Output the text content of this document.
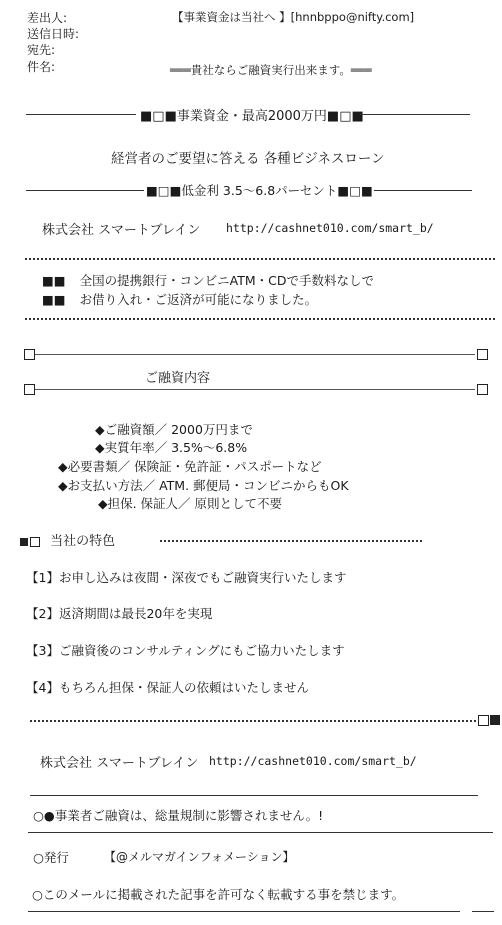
差出人:	【事業資金は当社へ 】[hnnbppo@nifty.com]
送信日時:
宛先:
件名:	═══貴社ならご融資実行出来ます。═══
■□■事業資金・最高2000万円■□■
経営者のご要望に答える 各種ビジネスローン
■□■低金利 3.5〜6.8パーセント■□■
株式会社 スマートブレイン http://cashnet010.com/smart_b/
■■ 全国の提携銀行・コンビニATM・CDで手数料なしで
■■ お借り入れ・ご返済が可能になりました。
ご融資内容
◆ご融資額／ 2000万円まで
◆実質年率／ 3.5%〜6.8%
◆必要書類／ 保険証・免許証・パスポートなど
◆お支払い方法／ ATM. 郵便局・コンビニからもOK
◆担保. 保証人／ 原則として不要
当社の特色
【1】お申し込みは夜間・深夜でもご融資実行いたします
【2】返済期間は最長20年を実現
【3】ご融資後のコンサルティングにもご協力いたします
【4】もちろん担保・保証人の依頼はいたしません
株式会社 スマートブレイン http://cashnet010.com/smart_b/
○●事業者ご融資は、総量規制に影響されません。!
○発行	【@メルマガインフォメーション】
○このメールに掲載された記事を許可なく転載する事を禁じます。
